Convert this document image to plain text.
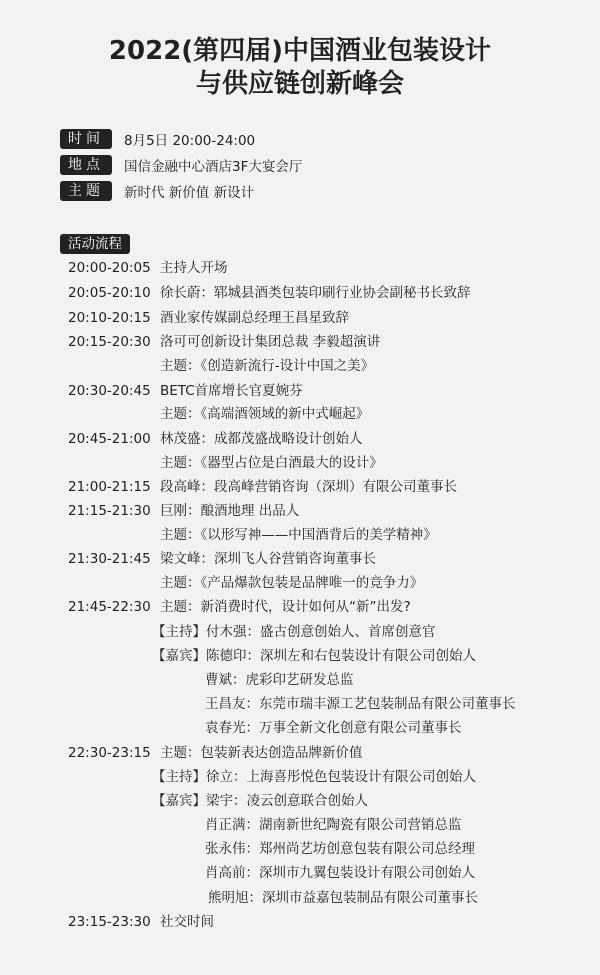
2022(第四届)中国酒业包装设计
与供应链创新峰会
时间	8月5日 20:00-24:00
地点	国信金融中心酒店3F大宴会厅
主题	新时代 新价值 新设计
活动流程
20:00-20:05 主持人开场
20:05-20:10 徐长蔚：郓城县酒类包装印刷行业协会副秘书长致辞
20:10-20:15 酒业家传媒副总经理王昌星致辞
20:15-20:30 洛可可创新设计集团总裁 李毅超演讲
主题：《创造新流行-设计中国之美》
20:30-20:45 BETC首席增长官夏婉芬
主题：《高端酒领域的新中式崛起》
20:45-21:00 林茂盛：成都茂盛战略设计创始人
主题：《器型占位是白酒最大的设计》
21:00-21:15 段高峰：段高峰营销咨询（深圳）有限公司董事长
21:15-21:30 巨刚：酿酒地理 出品人
主题：《以形写神——中国酒背后的美学精神》
21:30-21:45 梁文峰：深圳飞人谷营销咨询董事长
主题：《产品爆款包装是品牌唯一的竞争力》
21:45-22:30 主题：新消费时代，设计如何从“新”出发?
【主持】付木强：盛古创意创始人、首席创意官
【嘉宾】陈德印：深圳左和右包装设计有限公司创始人
曹斌：虎彩印艺研发总监
王昌友：东莞市瑞丰源工艺包装制品有限公司董事长
袁春光：万事全新文化创意有限公司董事长
22:30-23:15 主题：包装新表达创造品牌新价值
【主持】徐立：上海喜彤悦色包装设计有限公司创始人
【嘉宾】梁宇：凌云创意联合创始人
肖正满：湖南新世纪陶瓷有限公司营销总监
张永伟：郑州尚艺坊创意包装有限公司总经理
肖高前：深圳市九翼包装设计有限公司创始人
熊明旭：深圳市益嘉包装制品有限公司董事长
23:15-23:30 社交时间
